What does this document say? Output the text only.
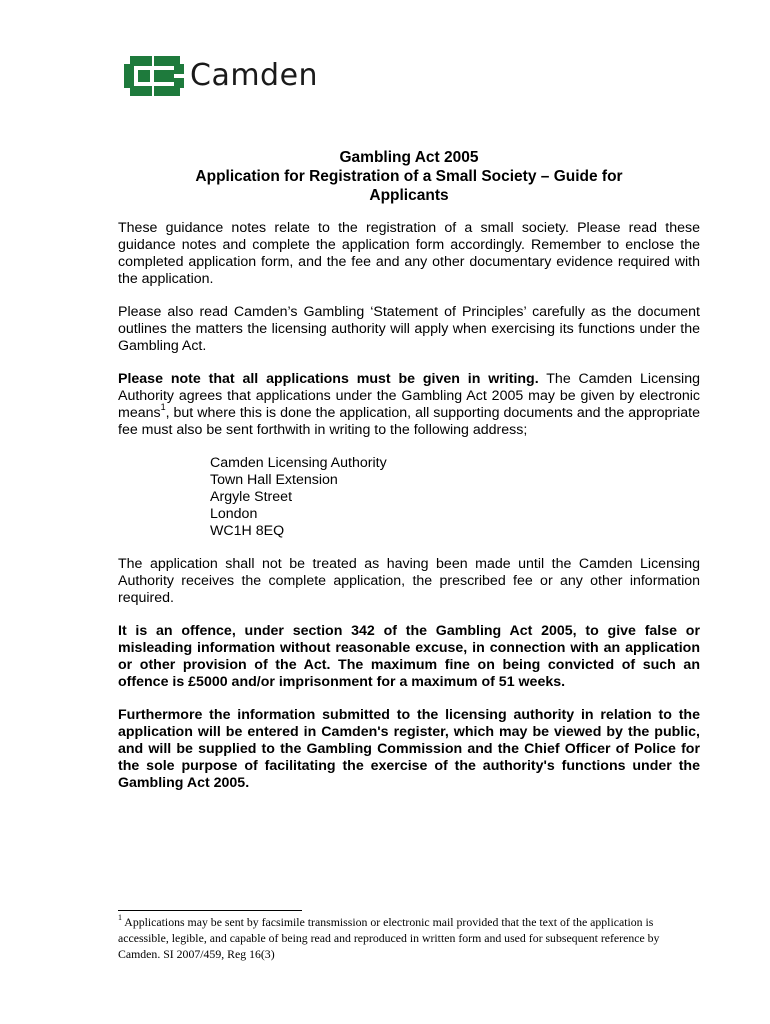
Camden
Gambling Act 2005
Application for Registration of a Small Society – Guide for
Applicants

These guidance notes relate to the registration of a small society. Please read these guidance notes and complete the application form accordingly. Remember to enclose the completed application form, and the fee and any other documentary evidence required with the application.

Please also read Camden’s Gambling ‘Statement of Principles’ carefully as the document outlines the matters the licensing authority will apply when exercising its functions under the Gambling Act.

Please note that all applications must be given in writing. The Camden Licensing Authority agrees that applications under the Gambling Act 2005 may be given by electronic means$^1$, but where this is done the application, all supporting documents and the appropriate fee must also be sent forthwith in writing to the following address;

Camden Licensing Authority
Town Hall Extension
Argyle Street
London
WC1H 8EQ

The application shall not be treated as having been made until the Camden Licensing Authority receives the complete application, the prescribed fee or any other information required.

It is an offence, under section 342 of the Gambling Act 2005, to give false or misleading information without reasonable excuse, in connection with an application or other provision of the Act. The maximum fine on being convicted of such an offence is £5000 and/or imprisonment for a maximum of 51 weeks.

Furthermore the information submitted to the licensing authority in relation to the application will be entered in Camden's register, which may be viewed by the public, and will be supplied to the Gambling Commission and the Chief Officer of Police for the sole purpose of facilitating the exercise of the authority's functions under the Gambling Act 2005.

$^1$ Applications may be sent by facsimile transmission or electronic mail provided that the text of the application is accessible, legible, and capable of being read and reproduced in written form and used for subsequent reference by Camden. SI 2007/459, Reg 16(3)
